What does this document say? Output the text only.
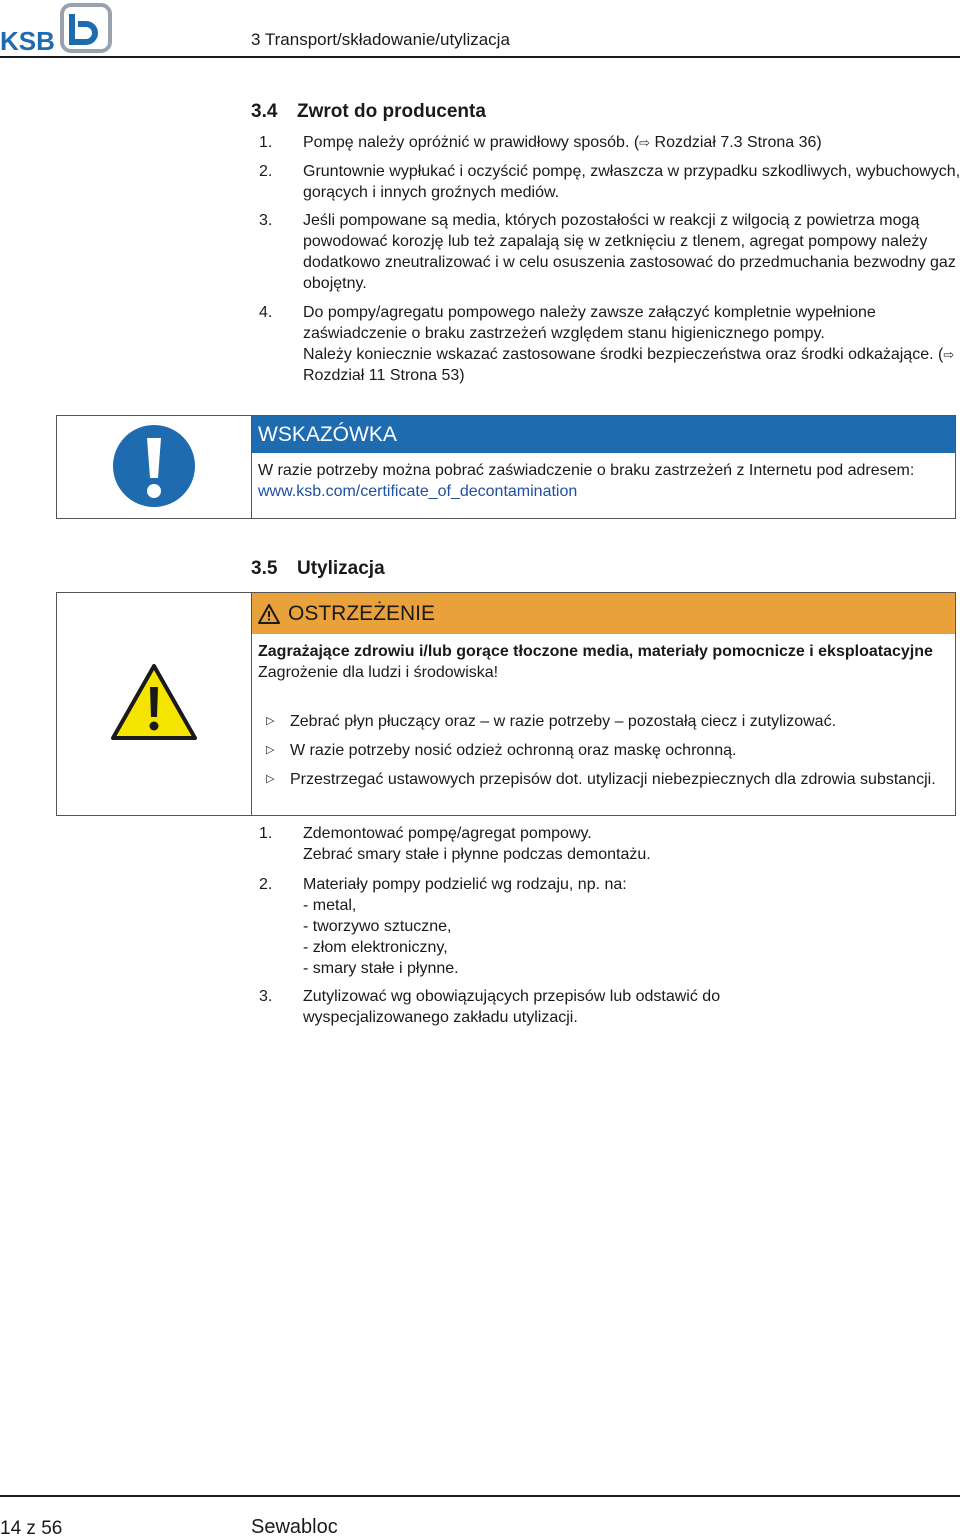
KSB	3 Transport/składowanie/utylizacja
3.4 Zwrot do producenta
1.	Pompę należy opróżnić w prawidłowy sposób. (⇨ Rozdział 7.3 Strona 36)
2.	Gruntownie wypłukać i oczyścić pompę, zwłaszcza w przypadku szkodliwych, wybuchowych, gorących i innych groźnych mediów.
3.	Jeśli pompowane są media, których pozostałości w reakcji z wilgocią z powietrza mogą powodować korozję lub też zapalają się w zetknięciu z tlenem, agregat pompowy należy dodatkowo zneutralizować i w celu osuszenia zastosować do przedmuchania bezwodny gaz obojętny.
4.	Do pompy/agregatu pompowego należy zawsze załączyć kompletnie wypełnione zaświadczenie o braku zastrzeżeń względem stanu higienicznego pompy.
Należy koniecznie wskazać zastosowane środki bezpieczeństwa oraz środki odkażające. (⇨ Rozdział 11 Strona 53)
WSKAZÓWKA
W razie potrzeby można pobrać zaświadczenie o braku zastrzeżeń z Internetu pod adresem: www.ksb.com/certificate_of_decontamination
3.5 Utylizacja
OSTRZEŻENIE
Zagrażające zdrowiu i/lub gorące tłoczone media, materiały pomocnicze i eksploatacyjne
Zagrożenie dla ludzi i środowiska!
▷ Zebrać płyn płuczący oraz – w razie potrzeby – pozostałą ciecz i zutylizować.
▷ W razie potrzeby nosić odzież ochronną oraz maskę ochronną.
▷ Przestrzegać ustawowych przepisów dot. utylizacji niebezpiecznych dla zdrowia substancji.
1.	Zdemontować pompę/agregat pompowy.
Zebrać smary stałe i płynne podczas demontażu.
2.	Materiały pompy podzielić wg rodzaju, np. na:
- metal,
- tworzywo sztuczne,
- złom elektroniczny,
- smary stałe i płynne.
3.	Zutylizować wg obowiązujących przepisów lub odstawić do
wyspecjalizowanego zakładu utylizacji.
14 z 56	Sewabloc
